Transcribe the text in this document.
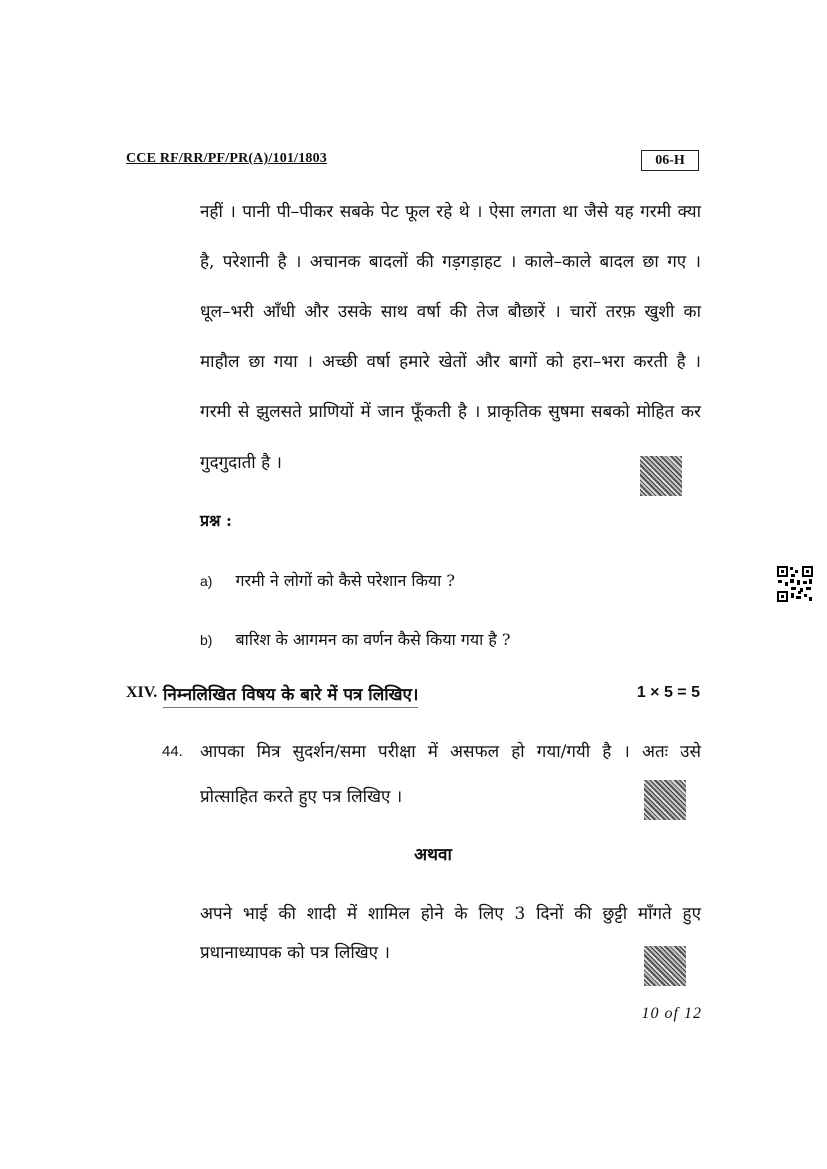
CCE RF/RR/PF/PR(A)/101/1803	06-H
नहीं । पानी पी–पीकर सबके पेट फूल रहे थे । ऐसा लगता था जैसे यह गरमी क्या
है, परेशानी है । अचानक बादलों की गड़गड़ाहट । काले–काले बादल छा गए ।
धूल–भरी आँधी और उसके साथ वर्षा की तेज बौछारें । चारों तरफ़ खुशी का
माहौल छा गया । अच्छी वर्षा हमारे खेतों और बागों को हरा–भरा करती है ।
गरमी से झुलसते प्राणियों में जान फूँकती है । प्राकृतिक सुषमा सबको मोहित कर
गुदगुदाती है ।
प्रश्न :
a) गरमी ने लोगों को कैसे परेशान किया ?
b) बारिश के आगमन का वर्णन कैसे किया गया है ?
XIV. निम्नलिखित विषय के बारे में पत्र लिखिए।	1 × 5 = 5
44. आपका मित्र सुदर्शन/समा परीक्षा में असफल हो गया/गयी है । अतः उसे
प्रोत्साहित करते हुए पत्र लिखिए ।
अथवा
अपने भाई की शादी में शामिल होने के लिए 3 दिनों की छुट्टी माँगते हुए
प्रधानाध्यापक को पत्र लिखिए ।
10 of 12
